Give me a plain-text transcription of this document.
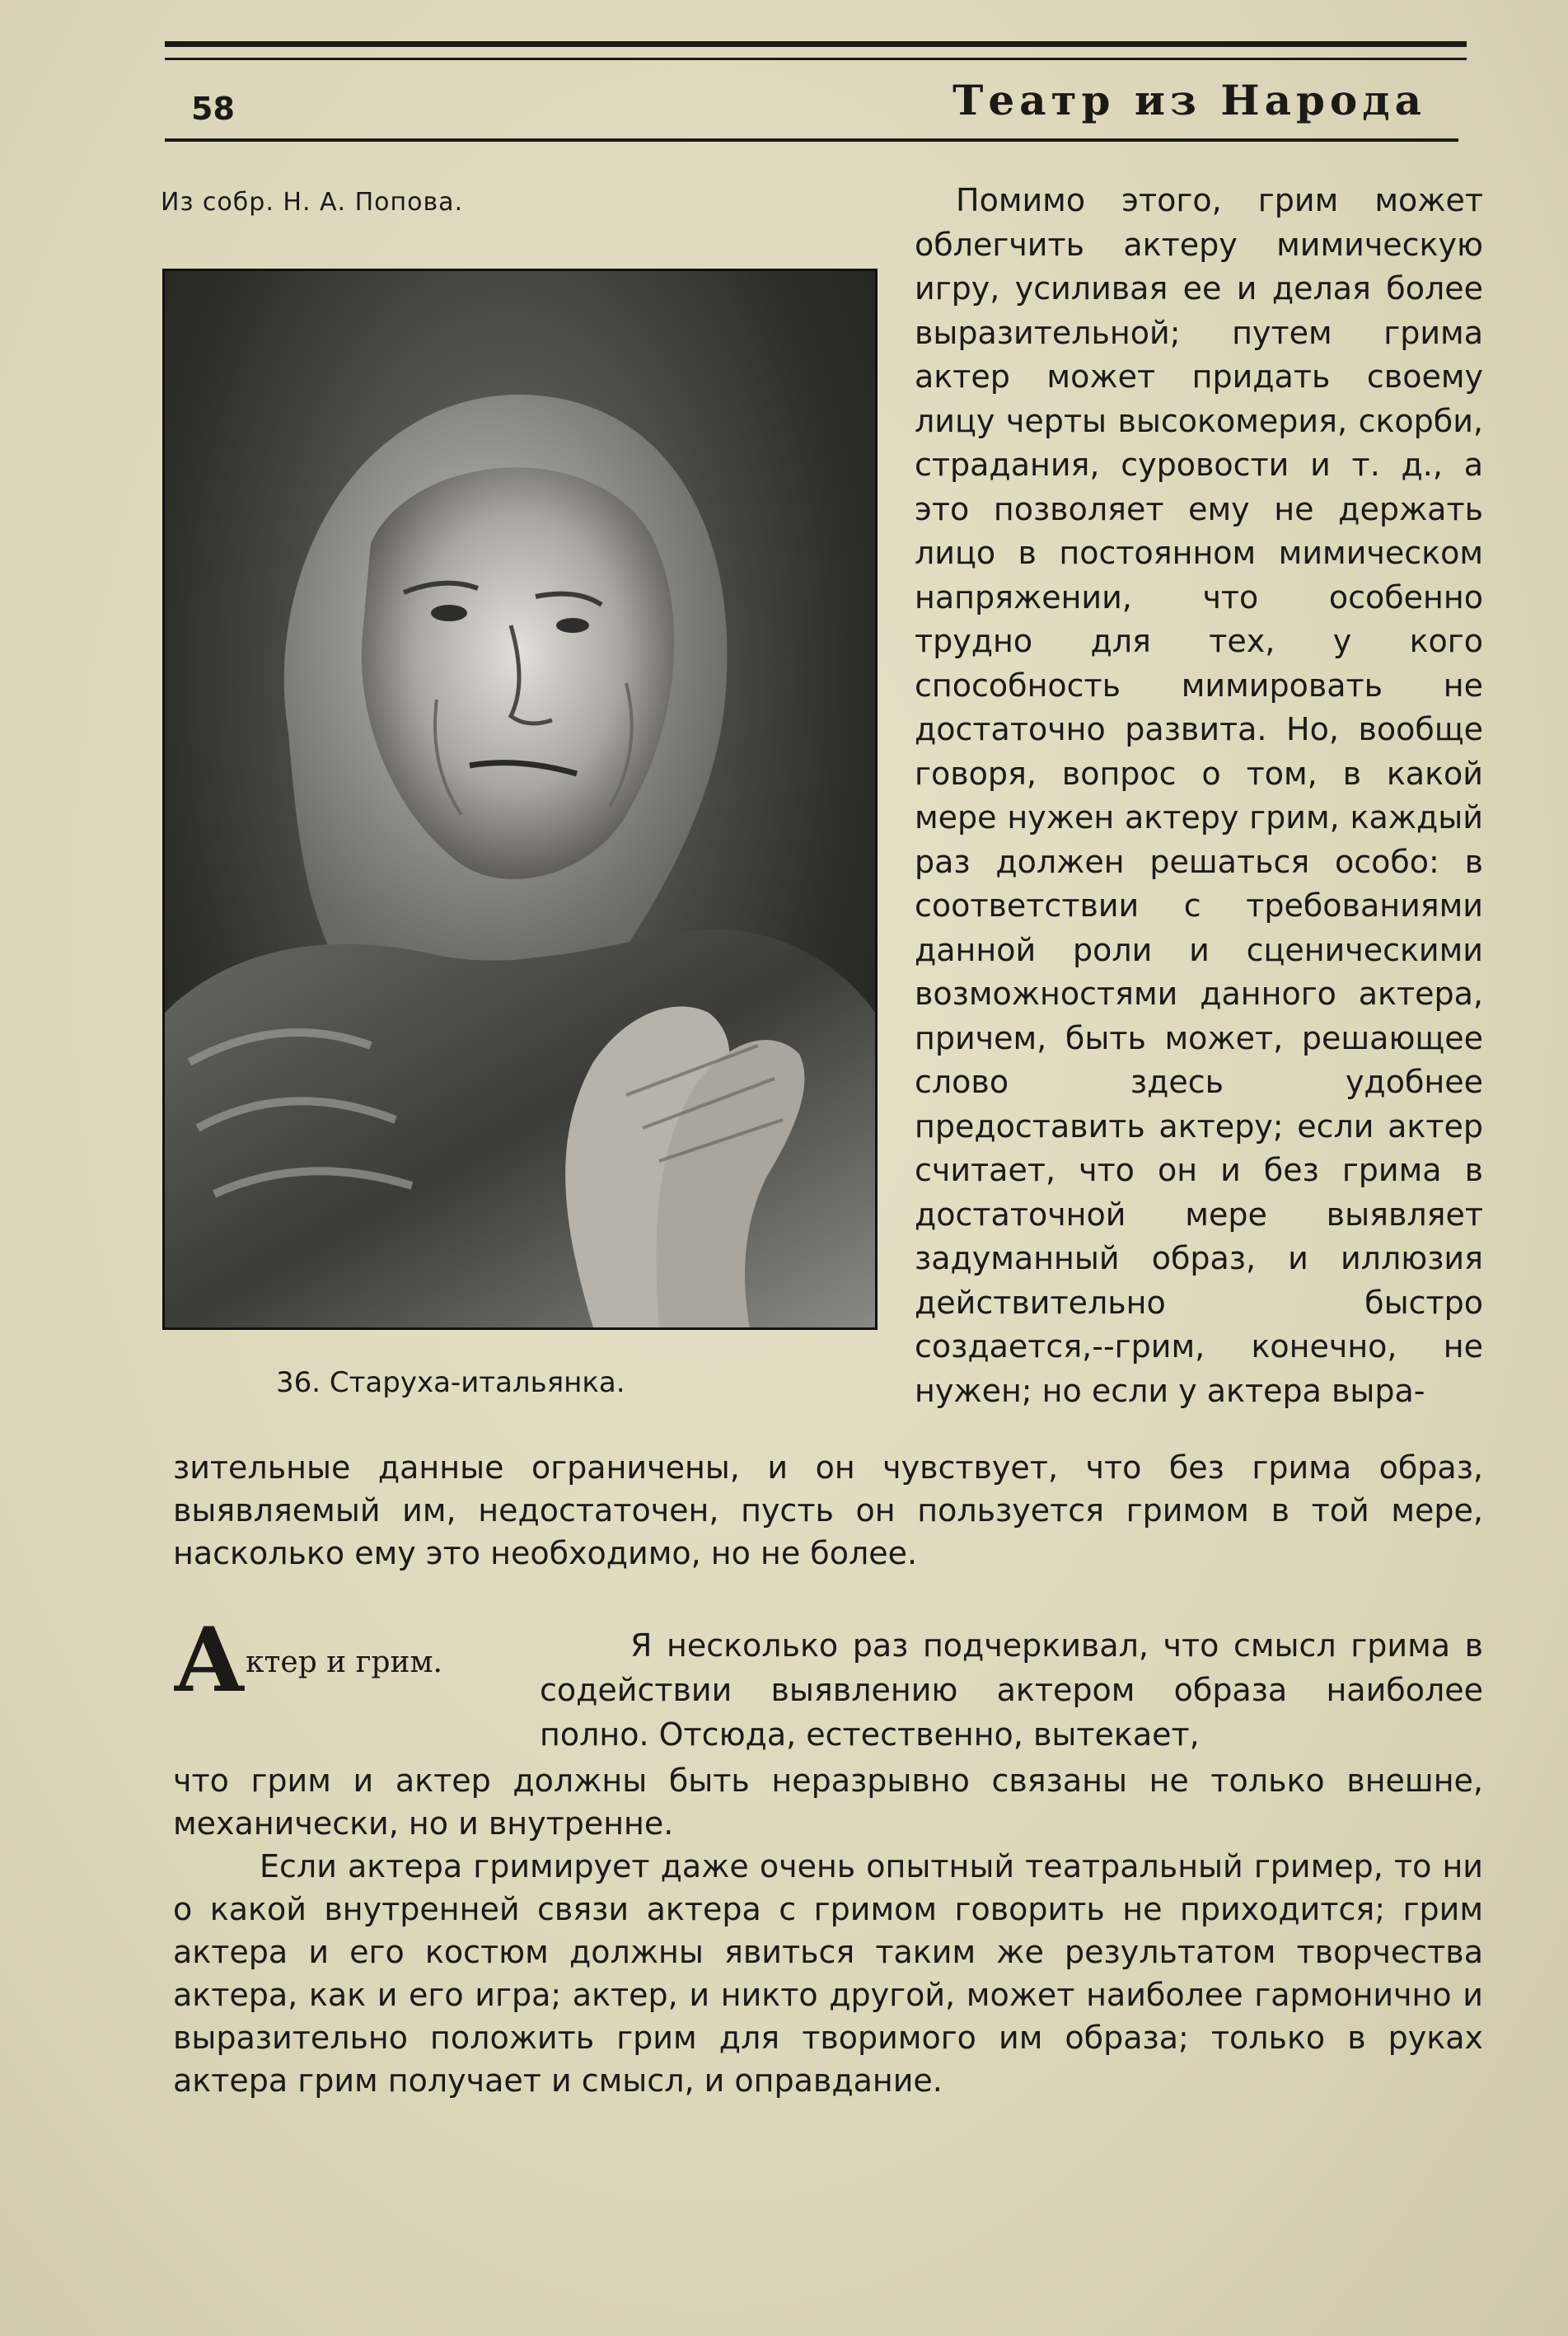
58	Театр из Народа
Из собр. Н. А. Попова.
36. Старуха-итальянка.

Помимо этого, грим может облегчить актеру мимическую игру, усиливая ее и делая более выразительной; путем грима актер может придать своему лицу черты высокомерия, скорби, страдания, суровости и т. д., а это позволяет ему не держать лицо в постоянном мимическом напряжении, что особенно трудно для тех, у кого способность мимировать не достаточно развита. Но, вообще говоря, вопрос о том, в какой мере нужен актеру грим, каждый раз должен решаться особо: в соответствии с требованиями данной роли и сценическими возможностями данного актера, причем, быть может, решающее слово здесь удобнее предоставить актеру; если актер считает, что он и без грима в достаточной мере выявляет задуманный образ, и иллюзия действительно быстро создается,--грим, конечно, не нужен; но если у актера выра-

зительные данные ограничены, и он чувствует, что без грима образ, выявляемый им, недостаточен, пусть он пользуется гримом в той мере, насколько ему это необходимо, но не более.

Актер и грим.	Я несколько раз подчеркивал, что смысл грима в содействии выявлению актером образа наиболее полно. Отсюда, естественно, вытекает,

что грим и актер должны быть неразрывно связаны не только внешне, механически, но и внутренне.

Если актера гримирует даже очень опытный театральный гример, то ни о какой внутренней связи актера с гримом говорить не приходится; грим актера и его костюм должны явиться таким же результатом творчества актера, как и его игра; актер, и никто другой, может наиболее гармонично и выразительно положить грим для творимого им образа; только в руках актера грим получает и смысл, и оправдание.
